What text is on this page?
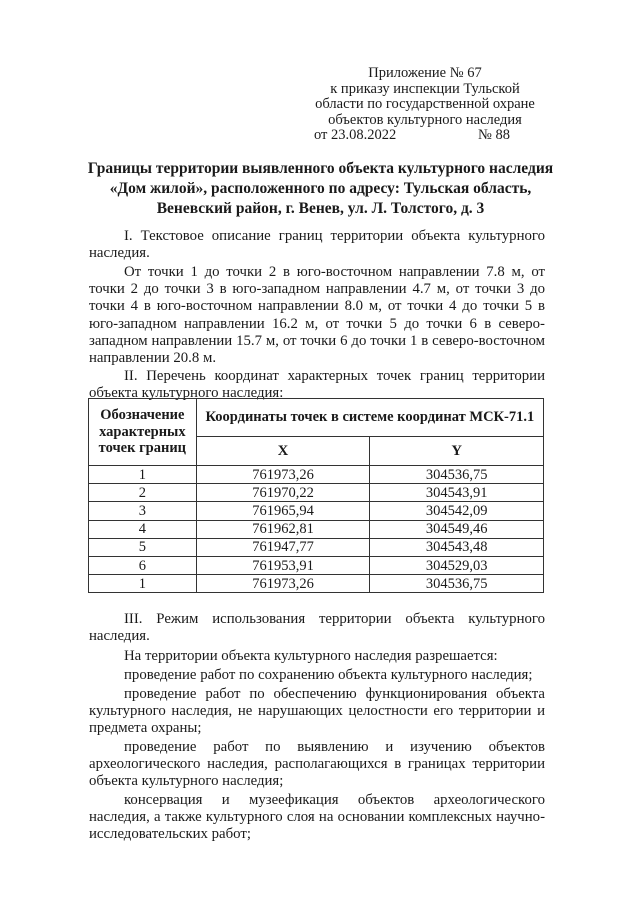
Приложение № 67
к приказу инспекции Тульской
области по государственной охране
объектов культурного наследия
от 23.08.2022	№ 88
Границы территории выявленного объекта культурного наследия
«Дом жилой», расположенного по адресу: Тульская область,
Веневский район, г. Венев, ул. Л. Толстого, д. 3

I. Текстовое описание границ территории объекта культурного наследия.

От точки 1 до точки 2 в юго-восточном направлении 7.8 м, от точки 2 до точки 3 в юго-западном направлении 4.7 м, от точки 3 до точки 4 в юго-восточном направлении 8.0 м, от точки 4 до точки 5 в юго-западном направлении 16.2 м, от точки 5 до точки 6 в северо-западном направлении 15.7 м, от точки 6 до точки 1 в северо-восточном направлении 20.8 м.

II. Перечень координат характерных точек границ территории объекта культурного наследия:

Обозначение характерных точек границ	Координаты точек в системе координат МСК-71.1	
	X	Y
1	761973,26	304536,75
2	761970,22	304543,91
3	761965,94	304542,09
4	761962,81	304549,46
5	761947,77	304543,48
6	761953,91	304529,03
1	761973,26	304536,75

III. Режим использования территории объекта культурного наследия.

На территории объекта культурного наследия разрешается:

проведение работ по сохранению объекта культурного наследия;

проведение работ по обеспечению функционирования объекта культурного наследия, не нарушающих целостности его территории и предмета охраны;

проведение работ по выявлению и изучению объектов археологического наследия, располагающихся в границах территории объекта культурного наследия;

консервация и музеефикация объектов археологического наследия, а также культурного слоя на основании комплексных научно-исследовательских работ;
